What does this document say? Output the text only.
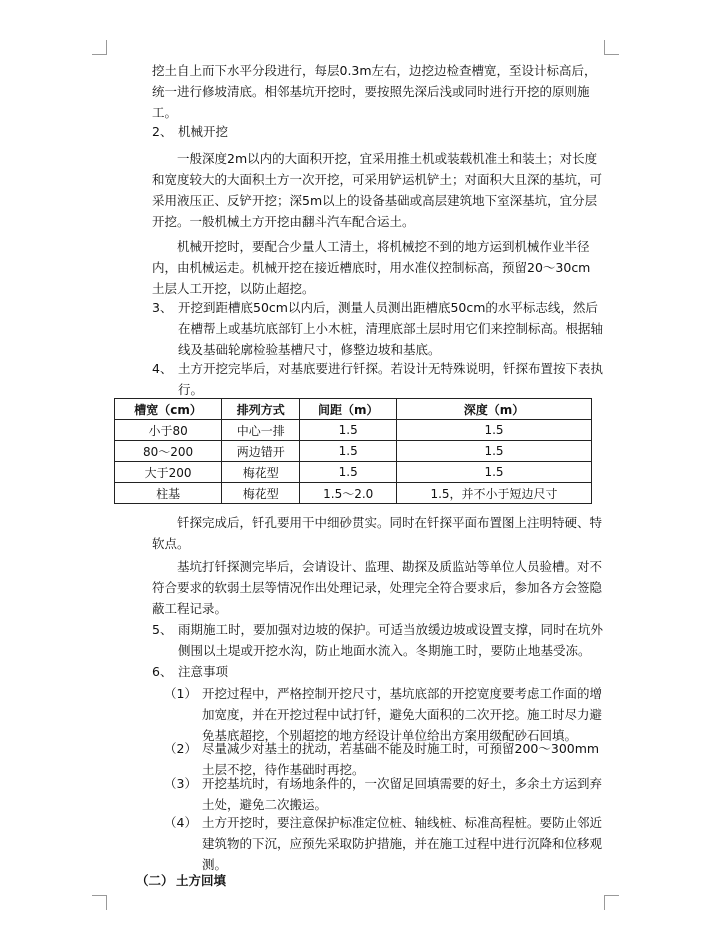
挖土自上而下水平分段进行，每层0.3m左右，边挖边检查槽宽，至设计标高后，统一进行修坡清底。相邻基坑开挖时，要按照先深后浅或同时进行开挖的原则施工。

2、 机械开挖

一般深度2m以内的大面积开挖，宜采用推土机或装载机准土和装土；对长度和宽度较大的大面积土方一次开挖，可采用铲运机铲土；对面积大且深的基坑，可采用液压正、反铲开挖；深5m以上的设备基础或高层建筑地下室深基坑，宜分层开挖。一般机械土方开挖由翻斗汽车配合运土。

机械开挖时，要配合少量人工清土，将机械挖不到的地方运到机械作业半径内，由机械运走。机械开挖在接近槽底时，用水准仪控制标高，预留20～30cm土层人工开挖，以防止超挖。

3、 开挖到距槽底50cm以内后，测量人员测出距槽底50cm的水平标志线，然后在槽帮上或基坑底部钉上小木桩，清理底部土层时用它们来控制标高。根据轴线及基础轮廓检验基槽尺寸，修整边坡和基底。

4、 土方开挖完毕后，对基底要进行钎探。若设计无特殊说明，钎探布置按下表执行。

槽宽（cm）	排列方式	间距（m）	深度（m）
小于80	中心一排	1.5	1.5
80～200	两边错开	1.5	1.5
大于200	梅花型	1.5	1.5
柱基	梅花型	1.5～2.0	1.5，并不小于短边尺寸

钎探完成后，钎孔要用干中细砂贯实。同时在钎探平面布置图上注明特硬、特软点。

基坑打钎探测完毕后，会请设计、监理、勘探及质监站等单位人员验槽。对不符合要求的软弱土层等情况作出处理记录，处理完全符合要求后，参加各方会签隐蔽工程记录。

5、 雨期施工时，要加强对边坡的保护。可适当放缓边坡或设置支撑，同时在坑外侧围以土堤或开挖水沟，防止地面水流入。冬期施工时，要防止地基受冻。

6、 注意事项
（1） 开挖过程中，严格控制开挖尺寸，基坑底部的开挖宽度要考虑工作面的增加宽度，并在开挖过程中试打钎，避免大面积的二次开挖。施工时尽力避免基底超挖，个别超挖的地方经设计单位给出方案用级配砂石回填。

（2） 尽量减少对基土的扰动，若基础不能及时施工时，可预留200～300mm土层不挖，待作基础时再挖。

（3） 开挖基坑时，有场地条件的，一次留足回填需要的好土，多余土方运到弃土处，避免二次搬运。

（4） 土方开挖时，要注意保护标准定位桩、轴线桩、标准高程桩。要防止邻近建筑物的下沉，应预先采取防护措施，并在施工过程中进行沉降和位移观测。

（二） 土方回填
